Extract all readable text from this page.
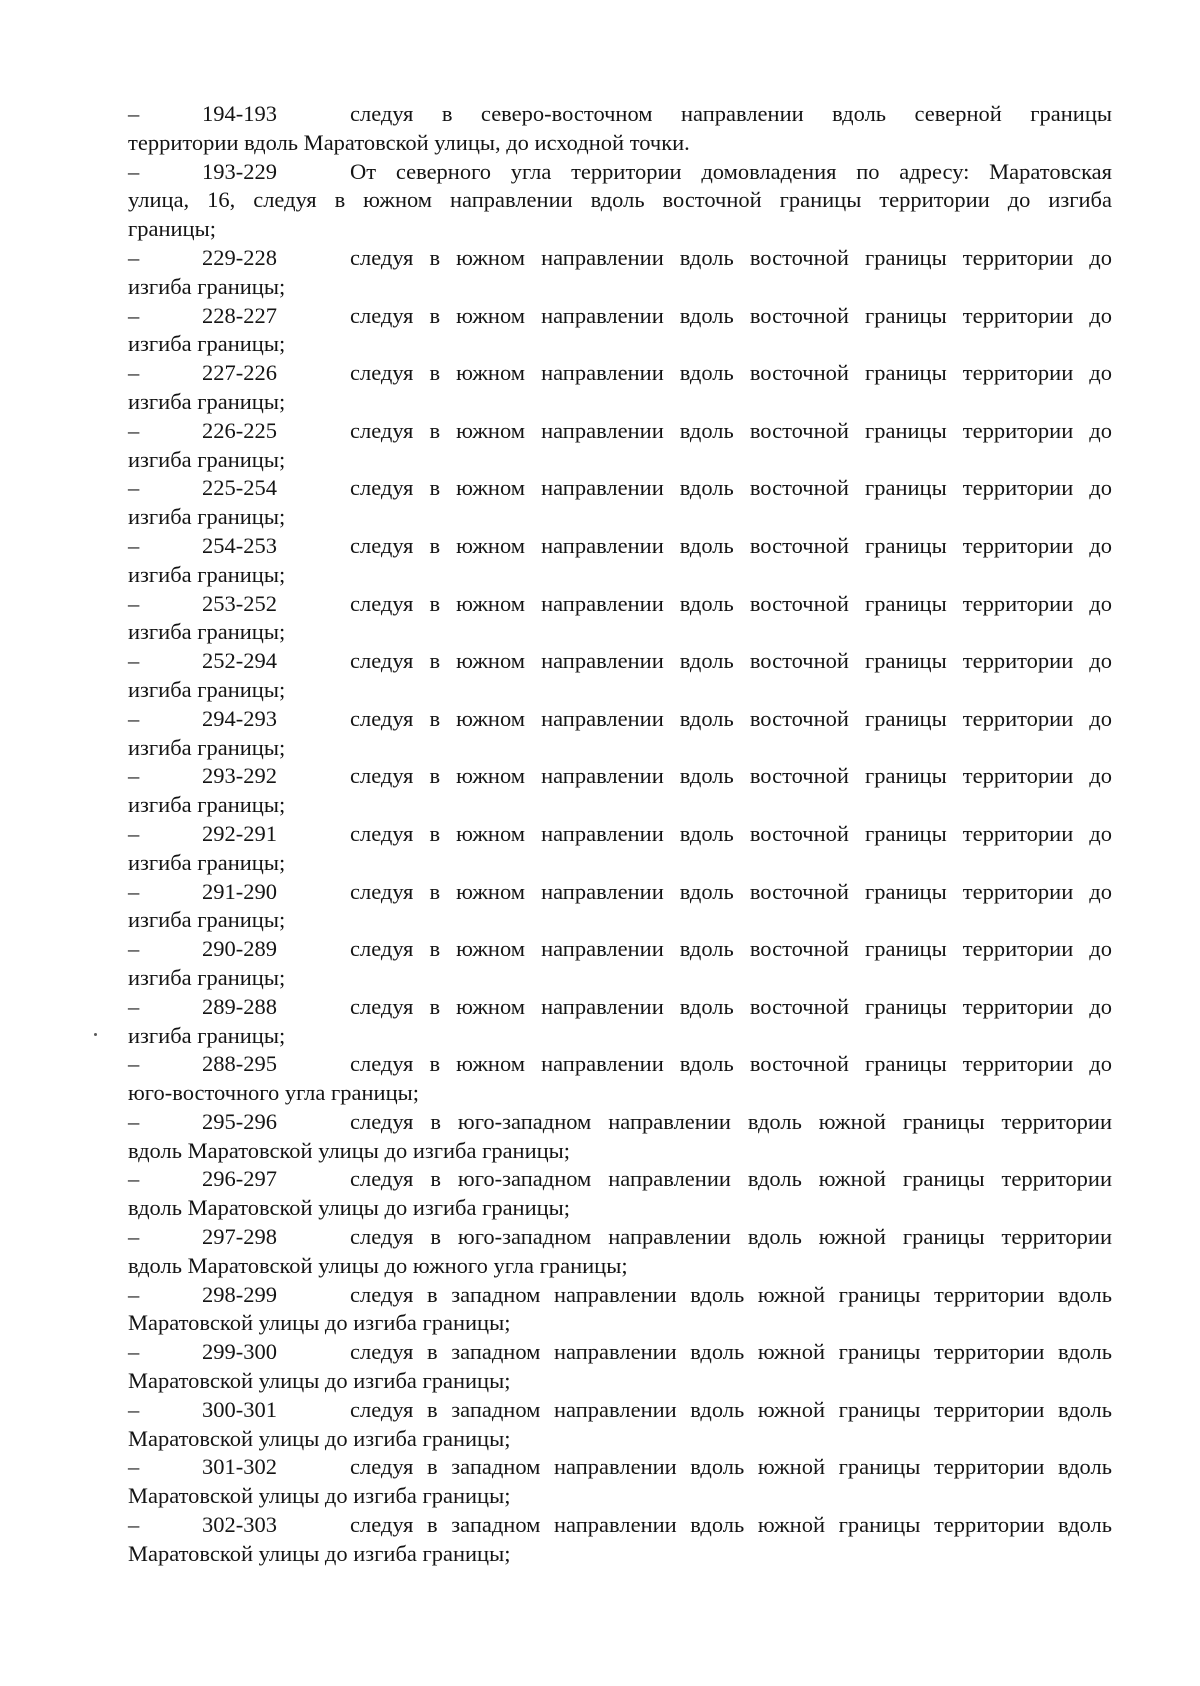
–	194-193	следуя в северо-восточном направлении вдоль северной границы
территории вдоль Маратовской улицы, до исходной точки.
–	193-229	От северного угла территории домовладения по адресу: Маратовская
улица, 16, следуя в южном направлении вдоль восточной границы территории до изгиба
границы;
–	229-228	следуя в южном направлении вдоль восточной границы территории до
изгиба границы;
–	228-227	следуя в южном направлении вдоль восточной границы территории до
изгиба границы;
–	227-226	следуя в южном направлении вдоль восточной границы территории до
изгиба границы;
–	226-225	следуя в южном направлении вдоль восточной границы территории до
изгиба границы;
–	225-254	следуя в южном направлении вдоль восточной границы территории до
изгиба границы;
–	254-253	следуя в южном направлении вдоль восточной границы территории до
изгиба границы;
–	253-252	следуя в южном направлении вдоль восточной границы территории до
изгиба границы;
–	252-294	следуя в южном направлении вдоль восточной границы территории до
изгиба границы;
–	294-293	следуя в южном направлении вдоль восточной границы территории до
изгиба границы;
–	293-292	следуя в южном направлении вдоль восточной границы территории до
изгиба границы;
–	292-291	следуя в южном направлении вдоль восточной границы территории до
изгиба границы;
–	291-290	следуя в южном направлении вдоль восточной границы территории до
изгиба границы;
–	290-289	следуя в южном направлении вдоль восточной границы территории до
изгиба границы;
–	289-288	следуя в южном направлении вдоль восточной границы территории до
изгиба границы;
–	288-295	следуя в южном направлении вдоль восточной границы территории до
юго-восточного угла границы;
–	295-296	следуя в юго-западном направлении вдоль южной границы территории
вдоль Маратовской улицы до изгиба границы;
–	296-297	следуя в юго-западном направлении вдоль южной границы территории
вдоль Маратовской улицы до изгиба границы;
–	297-298	следуя в юго-западном направлении вдоль южной границы территории
вдоль Маратовской улицы до южного угла границы;
–	298-299	следуя в западном направлении вдоль южной границы территории вдоль
Маратовской улицы до изгиба границы;
–	299-300	следуя в западном направлении вдоль южной границы территории вдоль
Маратовской улицы до изгиба границы;
–	300-301	следуя в западном направлении вдоль южной границы территории вдоль
Маратовской улицы до изгиба границы;
–	301-302	следуя в западном направлении вдоль южной границы территории вдоль
Маратовской улицы до изгиба границы;
–	302-303	следуя в западном направлении вдоль южной границы территории вдоль
Маратовской улицы до изгиба границы;
